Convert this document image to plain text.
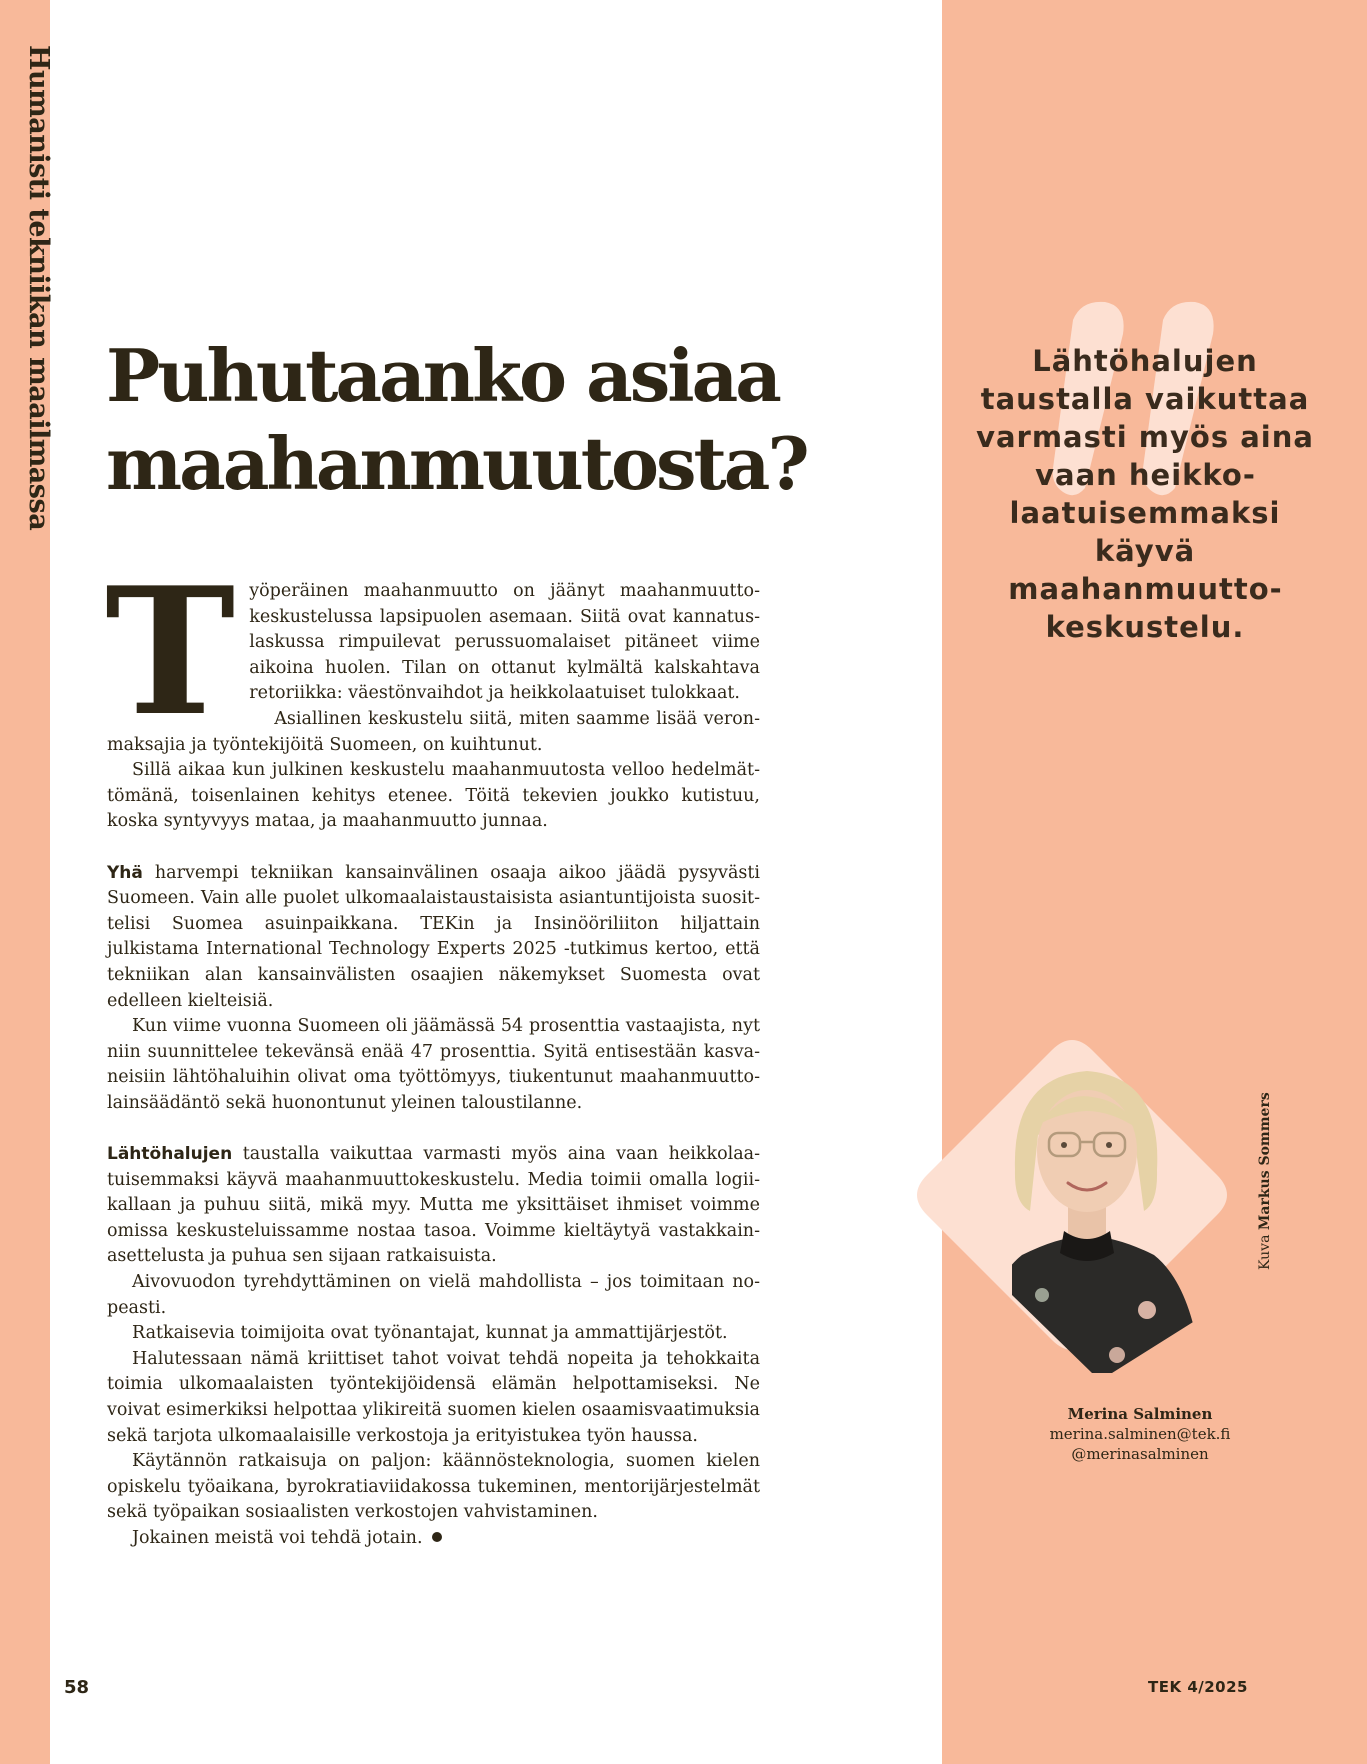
Humanisti tekniikan maailmassa Puhutaanko asiaa
maahanmuutosta?
T yöperäinen maahanmuutto on jäänyt maahanmuuttokeskustelussa lapsipuolen asemaan. Siitä ovat kannatuslaskussa rimpuilevat perussuomalaiset pitäneet viime aikoina huolen. Tilan on ottanut kylmältä kalskahtava retoriikka: väestönvaihdot ja heikkolaatuiset tulokkaat.

Asiallinen keskustelu siitä, miten saamme lisää veronmaksajia ja työntekijöitä Suomeen, on kuihtunut.

Sillä aikaa kun julkinen keskustelu maahanmuutosta velloo hedelmättömänä, toisenlainen kehitys etenee. Töitä tekevien joukko kutistuu, koska syntyvyys mataa, ja maahanmuutto junnaa.

Yhä harvempi tekniikan kansainvälinen osaaja aikoo jäädä pysyvästi Suomeen. Vain alle puolet ulkomaalaistaustaisista asiantuntijoista suosittelisi Suomea asuinpaikkana. TEKin ja Insinööriliiton hiljattain julkistama International Technology Experts 2025 -tutkimus kertoo, että tekniikan alan kansainvälisten osaajien näkemykset Suomesta ovat edelleen kielteisiä.

Kun viime vuonna Suomeen oli jäämässä 54 prosenttia vastaajista, nyt niin suunnittelee tekevänsä enää 47 prosenttia. Syitä entisestään kasvaneisiin lähtöhaluihin olivat oma työttömyys, tiukentunut maahanmuuttolainsäädäntö sekä huonontunut yleinen taloustilanne.

Lähtöhalujen taustalla vaikuttaa varmasti myös aina vaan heikkolaatuisemmaksi käyvä maahanmuuttokeskustelu. Media toimii omalla logiikallaan ja puhuu siitä, mikä myy. Mutta me yksittäiset ihmiset voimme omissa keskusteluissamme nostaa tasoa. Voimme kieltäytyä vastakkainasettelusta ja puhua sen sijaan ratkaisuista.

Aivovuodon tyrehdyttäminen on vielä mahdollista – jos toimitaan nopeasti.

Ratkaisevia toimijoita ovat työnantajat, kunnat ja ammattijärjestöt.

Halutessaan nämä kriittiset tahot voivat tehdä nopeita ja tehokkaita toimia ulkomaalaisten työntekijöidensä elämän helpottamiseksi. Ne voivat esimerkiksi helpottaa ylikireitä suomen kielen osaamisvaatimuksia sekä tarjota ulkomaalaisille verkostoja ja erityistukea työn haussa.

Käytännön ratkaisuja on paljon: käännösteknologia, suomen kielen opiskelu työaikana, byrokratiaviidakossa tukeminen, mentorijärjestelmät sekä työpaikan sosiaalisten verkostojen vahvistaminen.

Jokainen meistä voi tehdä jotain.

Lähtöhalujen taustalla vaikuttaa varmasti myös aina vaan heikkolaatuisemmaksi käyvä maahanmuuttokeskustelu.

Kuva Markus Sommers
Merina Salminen
merina.salminen@tek.fi
@merinasalminen
58	TEK 4/2025
